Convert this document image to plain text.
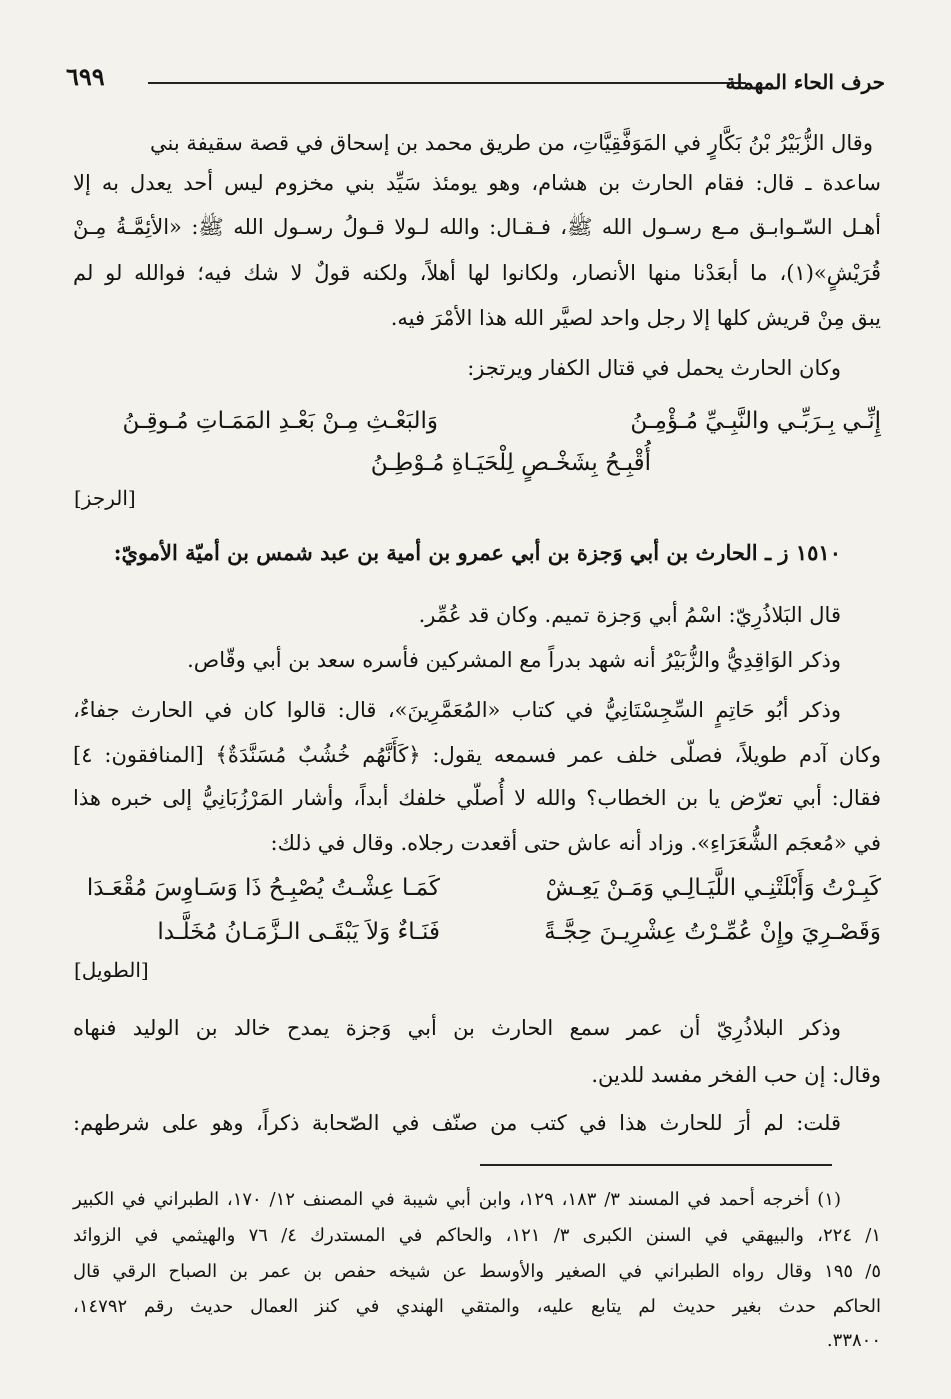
٦٩٩	حرف الحاء المهملة
وقال الزُّبَيْرُ بْنُ بَكَّارٍ في المَوَفَّقِيَّاتِ، من طريق محمد بن إسحاق في قصة سقيفة بني
ساعدة ـ قال: فقام الحارث بن هشام، وهو يومئذ سَيِّد بني مخزوم ليس أحد يعدل به إلا
أهـل السّـوابـق مـع رسـول الله ﷺ، فـقـال: والله لـولا قـولُ رسـول الله ﷺ: «الأئِمَّـةُ مِـنْ
قُرَيْشٍ»(١)، ما أبعَدْنا منها الأنصار، ولكانوا لها أهلاً، ولكنه قولٌ لا شك فيه؛ فوالله لو لم
يبق مِنْ قريش كلها إلا رجل واحد لصيَّر الله هذا الأمْرَ فيه.
وكان الحارث يحمل في قتال الكفار ويرتجز:
إِنِّـي بِـرَبِّـي والنَّبِـيِّ مُـؤْمِـنُ
وَالبَعْـثِ مِـنْ بَعْـدِ المَمَـاتِ مُـوقِـنُ
أُقْبِـحُ بِشَخْـصٍ لِلْحَيَـاةِ مُـوْطِـنُ
[الرجز]
١٥١٠ ز ـ الحارث بن أبي وَجزة بن أبي عمرو بن أمية بن عبد شمس بن أميّة الأمويّ:
قال البَلاذُرِيّ: اسْمُ أبي وَجزة تميم. وكان قد عُمِّر.
وذكر الوَاقِدِيُّ والزُّبَيْرُ أنه شهد بدراً مع المشركين فأسره سعد بن أبي وقّاص.
وذكر أبُو حَاتِمٍ السِّجِسْتَانِيُّ في كتاب «المُعَمَّرِينَ»، قال: قالوا كان في الحارث جفاءٌ،
وكان آدم طويلاً، فصلّى خلف عمر فسمعه يقول: ﴿كَأَنَّهُم خُشُبٌ مُسَنَّدَةٌ﴾ [المنافقون: ٤]
فقال: أبي تعرّض يا بن الخطاب؟ والله لا أُصلّي خلفك أبداً، وأشار المَرْزُبَانِيُّ إلى خبره هذا
في «مُعجَم الشُّعَرَاءِ». وزاد أنه عاش حتى أقعدت رجلاه. وقال في ذلك:
كَبِـرْتُ وَأَبْلَتْنِـي اللَّيَـالِـي وَمَـنْ يَعِـشْ
كَمَـا عِشْـتُ يُصْبِـحُ ذَا وَسَـاوِسَ مُقْعَـدَا
وَقَصْـرِيَ وإِنْ عُمِّـرْتُ عِشْرِيـنَ حِجَّـةً
فَنَـاءٌ وَلاَ يَبْقَـى الـزَّمَـانُ مُخَلَّـدا
[الطويل]
وذكر البلاذُرِيّ أن عمر سمع الحارث بن أبي وَجزة يمدح خالد بن الوليد فنهاه
وقال: إن حب الفخر مفسد للدين.
قلت: لم أرَ للحارث هذا في كتب من صنّف في الصّحابة ذكراً، وهو على شرطهم:
(١) أخرجه أحمد في المسند ٣/ ١٨٣، ١٢٩، وابن أبي شيبة في المصنف ١٢/ ١٧٠، الطبراني في الكبير
١/ ٢٢٤، والبيهقي في السنن الكبرى ٣/ ١٢١، والحاكم في المستدرك ٤/ ٧٦ والهيثمي في الزوائد
٥/ ١٩٥ وقال رواه الطبراني في الصغير والأوسط عن شيخه حفص بن عمر بن الصباح الرقي قال
الحاكم حدث بغير حديث لم يتابع عليه، والمتقي الهندي في كنز العمال حديث رقم ١٤٧٩٢،
٣٣٨٠٠.
